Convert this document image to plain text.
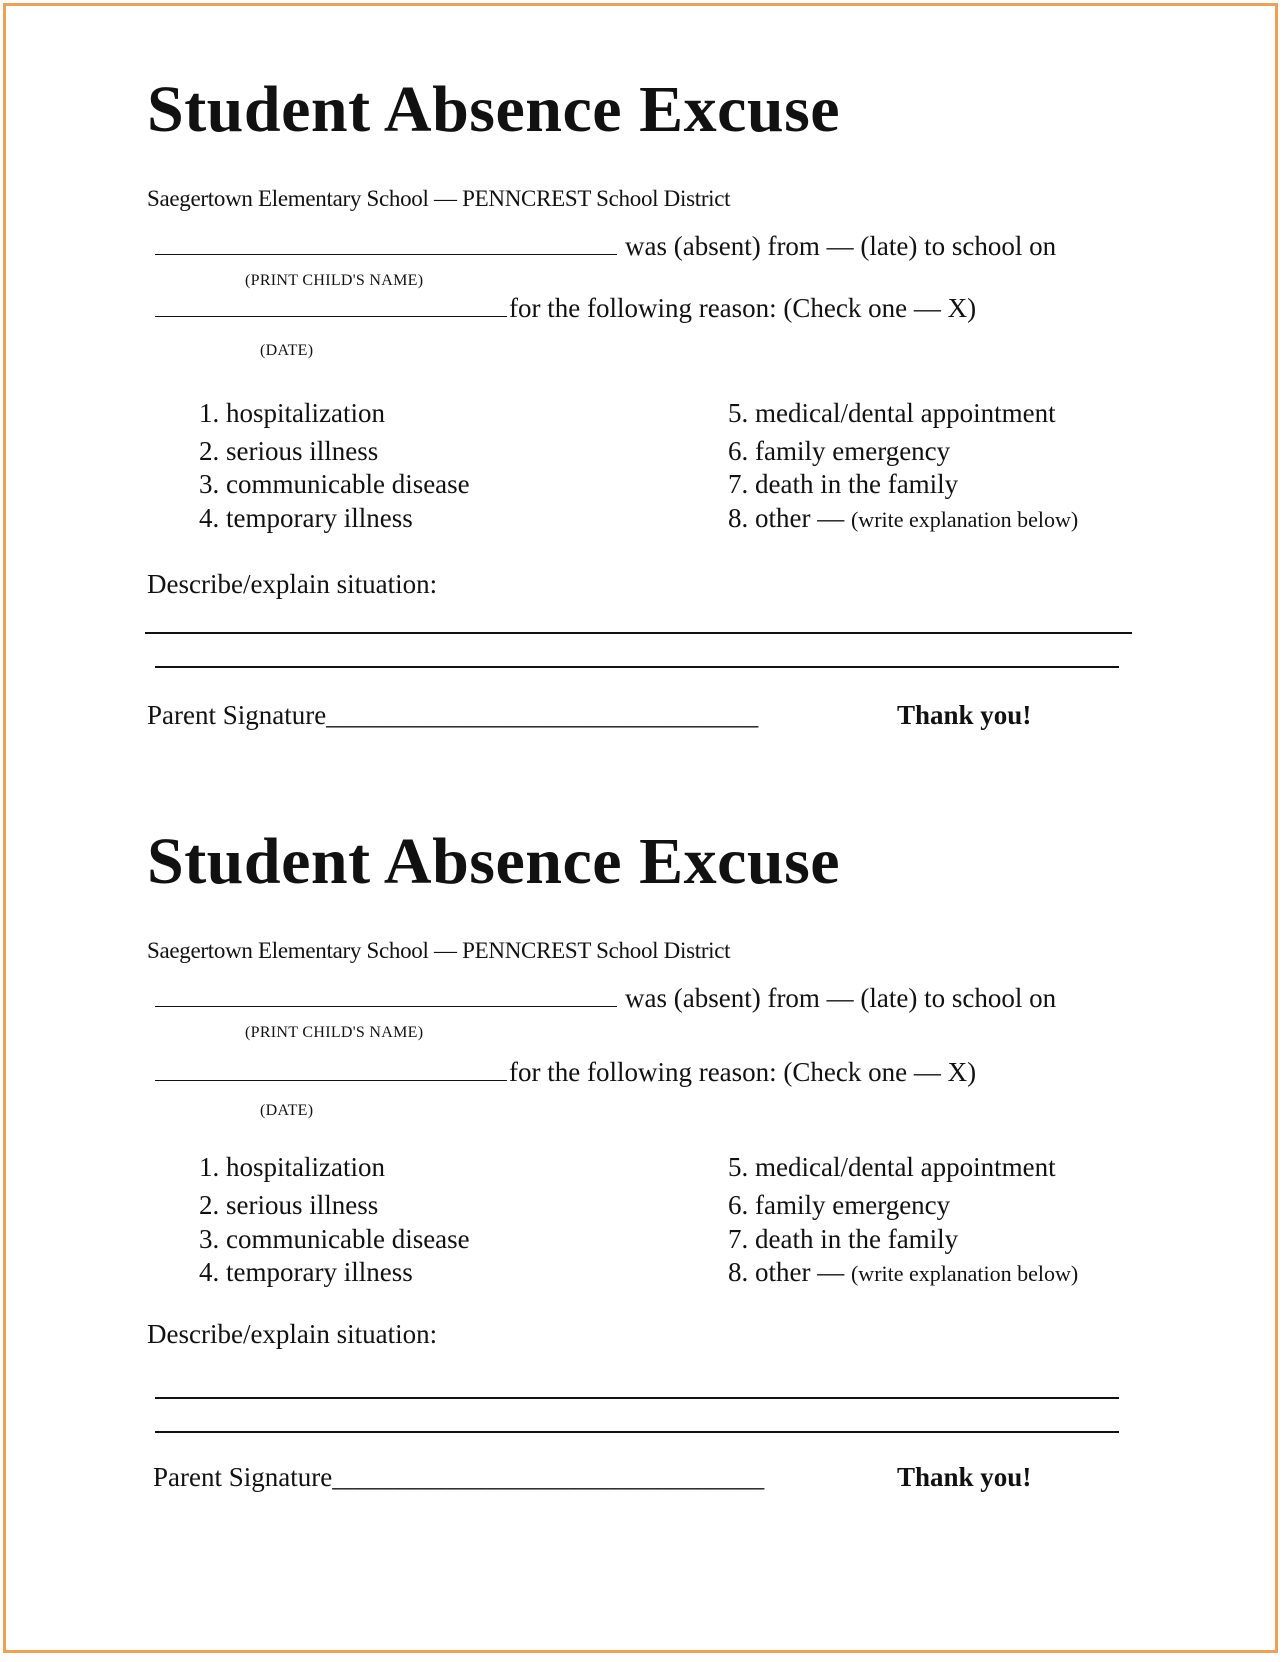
Student Absence Excuse
Saegertown Elementary School — PENNCREST School District
was (absent) from — (late) to school on
(PRINT CHILD'S NAME)
for the following reason: (Check one — X)
(DATE)
1. hospitalization
2. serious illness
3. communicable disease
4. temporary illness
5. medical/dental appointment
6. family emergency
7. death in the family
8. other — (write explanation below)
Describe/explain situation:
Parent Signature________________________________	Thank you!
Student Absence Excuse
Saegertown Elementary School — PENNCREST School District
was (absent) from — (late) to school on
(PRINT CHILD'S NAME)
for the following reason: (Check one — X)
(DATE)
1. hospitalization
2. serious illness
3. communicable disease
4. temporary illness
5. medical/dental appointment
6. family emergency
7. death in the family
8. other — (write explanation below)
Describe/explain situation:
Parent Signature________________________________	Thank you!
